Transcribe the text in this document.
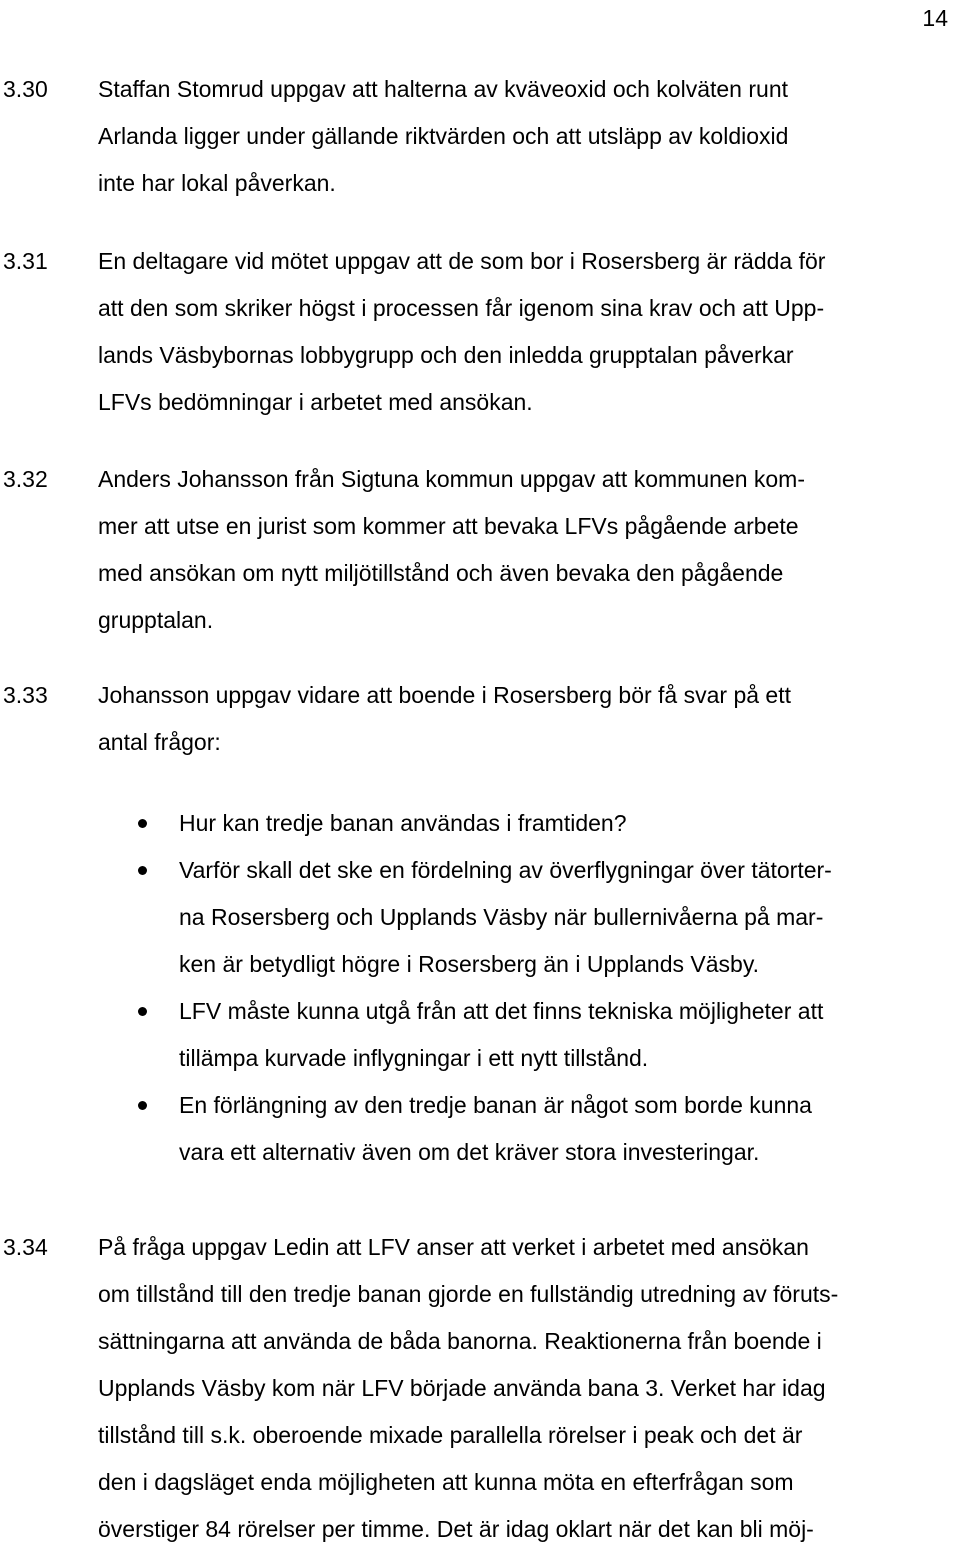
14
3.30 Staffan Stomrud uppgav att halterna av kväveoxid och kolväten runt
Arlanda ligger under gällande riktvärden och att utsläpp av koldioxid
inte har lokal påverkan.
3.31 En deltagare vid mötet uppgav att de som bor i Rosersberg är rädda för
att den som skriker högst i processen får igenom sina krav och att Upp-
lands Väsbybornas lobbygrupp och den inledda grupptalan påverkar
LFVs bedömningar i arbetet med ansökan.
3.32 Anders Johansson från Sigtuna kommun uppgav att kommunen kom-
mer att utse en jurist som kommer att bevaka LFVs pågående arbete
med ansökan om nytt miljötillstånd och även bevaka den pågående
grupptalan.
3.33 Johansson uppgav vidare att boende i Rosersberg bör få svar på ett
antal frågor:
Hur kan tredje banan användas i framtiden?
Varför skall det ske en fördelning av överflygningar över tätorter-
na Rosersberg och Upplands Väsby när bullernivåerna på mar-
ken är betydligt högre i Rosersberg än i Upplands Väsby.
LFV måste kunna utgå från att det finns tekniska möjligheter att
tillämpa kurvade inflygningar i ett nytt tillstånd.
En förlängning av den tredje banan är något som borde kunna
vara ett alternativ även om det kräver stora investeringar.
3.34 På fråga uppgav Ledin att LFV anser att verket i arbetet med ansökan
om tillstånd till den tredje banan gjorde en fullständig utredning av föruts-
sättningarna att använda de båda banorna. Reaktionerna från boende i
Upplands Väsby kom när LFV började använda bana 3. Verket har idag
tillstånd till s.k. oberoende mixade parallella rörelser i peak och det är
den i dagsläget enda möjligheten att kunna möta en efterfrågan som
överstiger 84 rörelser per timme. Det är idag oklart när det kan bli möj-
